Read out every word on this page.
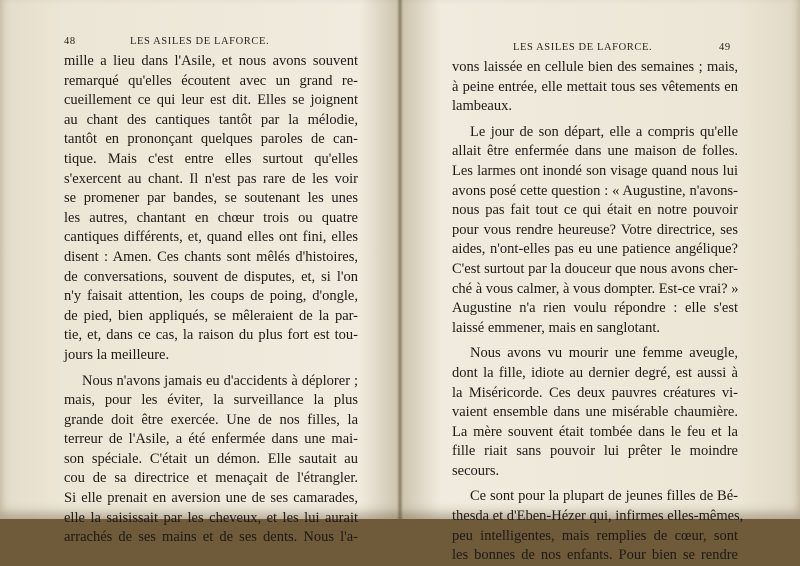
48	LES ASILES DE LAFORCE.
mille a lieu dans l'Asile, et nous avons souvent
remarqué qu'elles écoutent avec un grand re-
cueillement ce qui leur est dit. Elles se joignent
au chant des cantiques tantôt par la mélodie,
tantôt en prononçant quelques paroles de can-
tique. Mais c'est entre elles surtout qu'elles
s'exercent au chant. Il n'est pas rare de les voir
se promener par bandes, se soutenant les unes
les autres, chantant en chœur trois ou quatre
cantiques différents, et, quand elles ont fini, elles
disent : Amen. Ces chants sont mêlés d'histoires,
de conversations, souvent de disputes, et, si l'on
n'y faisait attention, les coups de poing, d'ongle,
de pied, bien appliqués, se mêleraient de la par-
tie, et, dans ce cas, la raison du plus fort est tou-
jours la meilleure.
Nous n'avons jamais eu d'accidents à déplorer ;
mais, pour les éviter, la surveillance la plus
grande doit être exercée. Une de nos filles, la
terreur de l'Asile, a été enfermée dans une mai-
son spéciale. C'était un démon. Elle sautait au
cou de sa directrice et menaçait de l'étrangler.
Si elle prenait en aversion une de ses camarades,
elle la saisissait par les cheveux, et les lui aurait
arrachés de ses mains et de ses dents. Nous l'a-
LES ASILES DE LAFORCE.	49
vons laissée en cellule bien des semaines ; mais,
à peine entrée, elle mettait tous ses vêtements en
lambeaux.
Le jour de son départ, elle a compris qu'elle
allait être enfermée dans une maison de folles.
Les larmes ont inondé son visage quand nous lui
avons posé cette question : « Augustine, n'avons-
nous pas fait tout ce qui était en notre pouvoir
pour vous rendre heureuse? Votre directrice, ses
aides, n'ont-elles pas eu une patience angélique?
C'est surtout par la douceur que nous avons cher-
ché à vous calmer, à vous dompter. Est-ce vrai? »
Augustine n'a rien voulu répondre : elle s'est
laissé emmener, mais en sanglotant.
Nous avons vu mourir une femme aveugle,
dont la fille, idiote au dernier degré, est aussi à
la Miséricorde. Ces deux pauvres créatures vi-
vaient ensemble dans une misérable chaumière.
La mère souvent était tombée dans le feu et la
fille riait sans pouvoir lui prêter le moindre
secours.
Ce sont pour la plupart de jeunes filles de Bé-
thesda et d'Eben-Hézer qui, infirmes elles-mêmes,
peu intelligentes, mais remplies de cœur, sont
les bonnes de nos enfants. Pour bien se rendre
